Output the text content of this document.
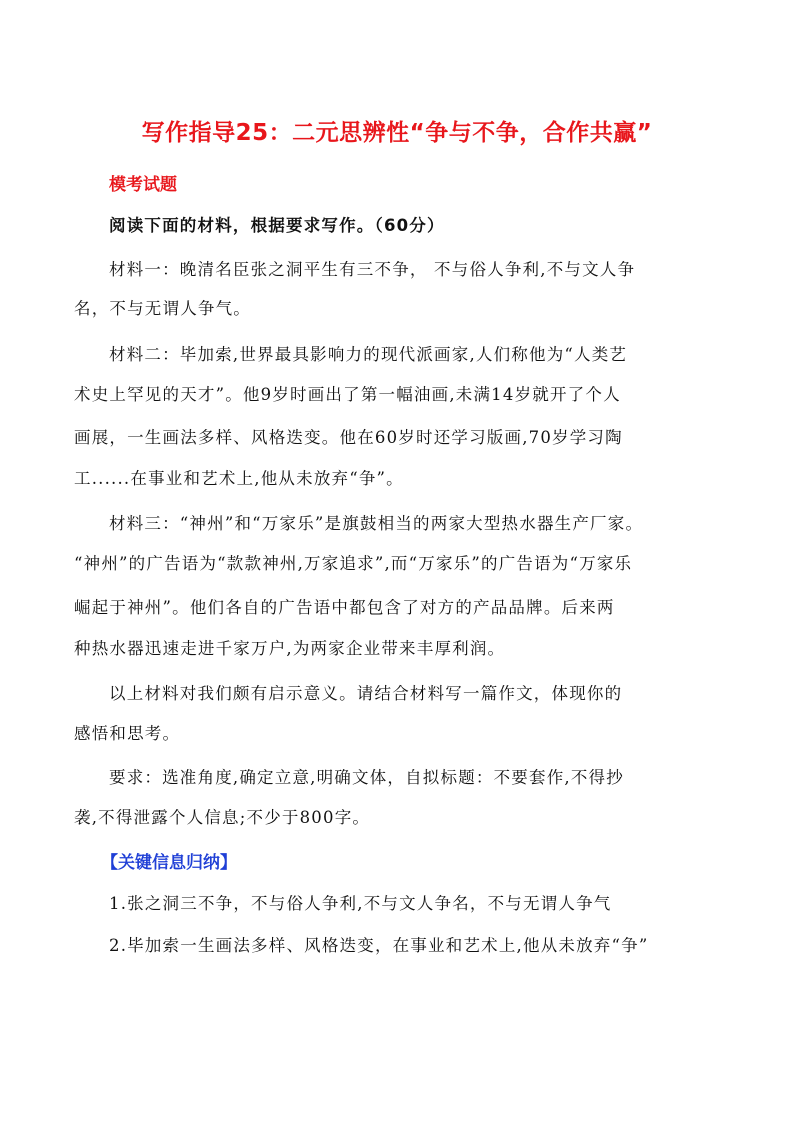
写作指导25：二元思辨性“争与不争，合作共赢”
模考试题
阅读下面的材料，根据要求写作。（60分）
材料一：晚清名臣张之洞平生有三不争， 不与俗人争利,不与文人争
名，不与无谓人争气。
材料二：毕加索,世界最具影响力的现代派画家,人们称他为“人类艺
术史上罕见的天才”。他9岁时画出了第一幅油画,未满14岁就开了个人
画展，一生画法多样、风格迭变。他在60岁时还学习版画,70岁学习陶
工......在事业和艺术上,他从未放弃“争”。
材料三：“神州”和“万家乐”是旗鼓相当的两家大型热水器生产厂家。
“神州”的广告语为“款款神州,万家追求”,而“万家乐”的广告语为“万家乐
崛起于神州”。他们各自的广告语中都包含了对方的产品品牌。后来两
种热水器迅速走进千家万户,为两家企业带来丰厚利润。
以上材料对我们颇有启示意义。请结合材料写一篇作文，体现你的
感悟和思考。
要求：选准角度,确定立意,明确文体，自拟标题：不要套作,不得抄
袭,不得泄露个人信息;不少于800字。
【关键信息归纳】
1.张之洞三不争，不与俗人争利,不与文人争名，不与无谓人争气
2.毕加索一生画法多样、风格迭变，在事业和艺术上,他从未放弃“争”
